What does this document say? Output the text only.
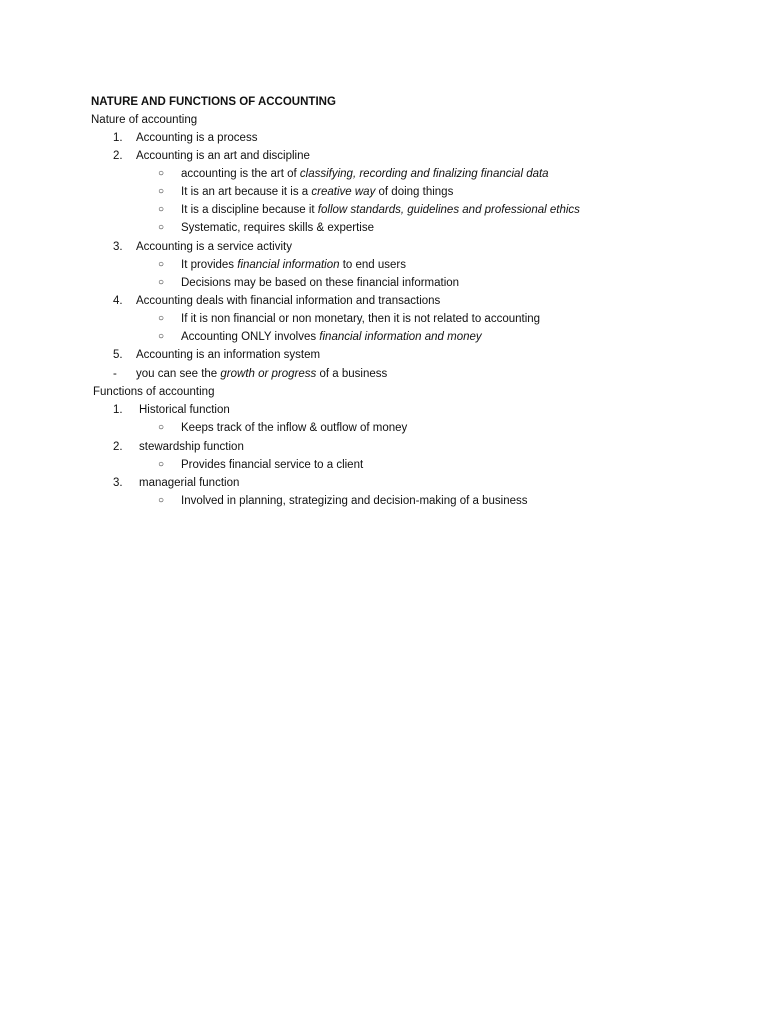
NATURE AND FUNCTIONS OF ACCOUNTING
Nature of accounting
1. Accounting is a process
2. Accounting is an art and discipline
○ accounting is the art of classifying, recording and finalizing financial data
○ It is an art because it is a creative way of doing things
○ It is a discipline because it follow standards, guidelines and professional ethics
○ Systematic, requires skills & expertise
3. Accounting is a service activity
○ It provides financial information to end users
○ Decisions may be based on these financial information
4. Accounting deals with financial information and transactions
○ If it is non financial or non monetary, then it is not related to accounting
○ Accounting ONLY involves financial information and money
5. Accounting is an information system
- you can see the growth or progress of a business
Functions of accounting
1. Historical function
○ Keeps track of the inflow & outflow of money
2. stewardship function
○ Provides financial service to a client
3. managerial function
○ Involved in planning, strategizing and decision-making of a business
